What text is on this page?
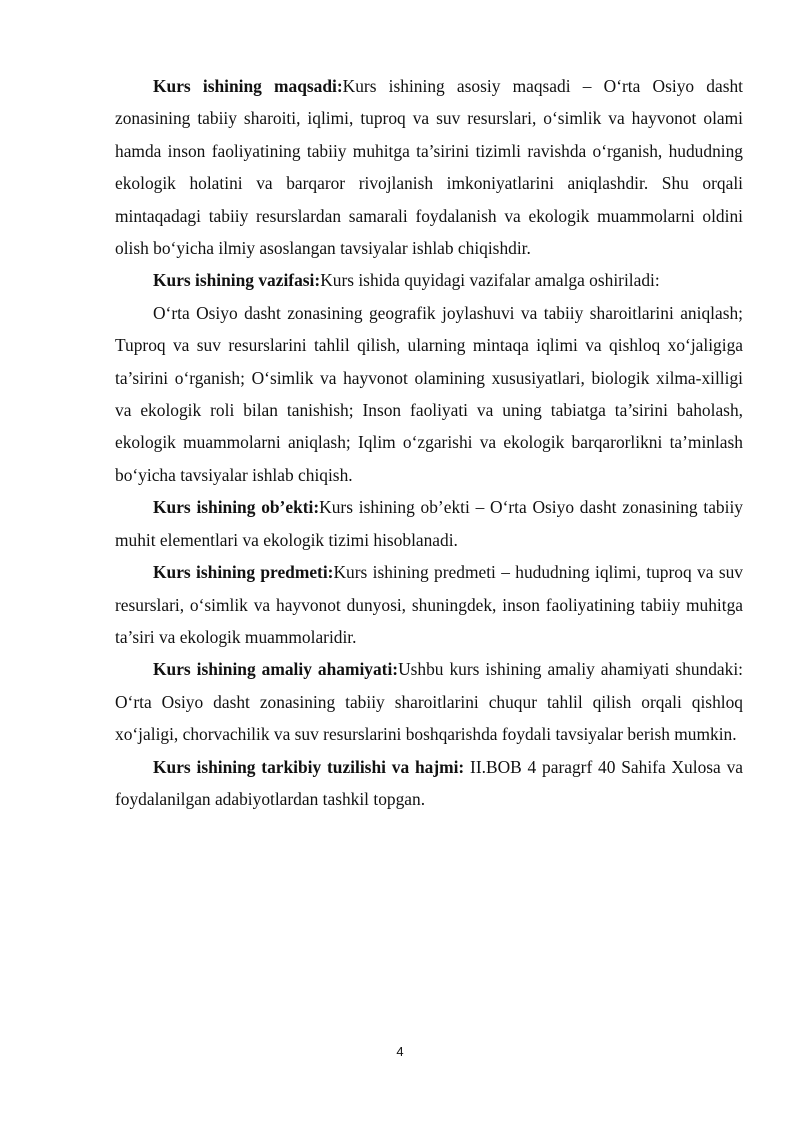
Kurs ishining maqsadi:Kurs ishining asosiy maqsadi – O‘rta Osiyo dasht zonasining tabiiy sharoiti, iqlimi, tuproq va suv resurslari, o‘simlik va hayvonot olami hamda inson faoliyatining tabiiy muhitga ta’sirini tizimli ravishda o‘rganish, hududning ekologik holatini va barqaror rivojlanish imkoniyatlarini aniqlashdir. Shu orqali mintaqadagi tabiiy resurslardan samarali foydalanish va ekologik muammolarni oldini olish bo‘yicha ilmiy asoslangan tavsiyalar ishlab chiqishdir.

Kurs ishining vazifasi:Kurs ishida quyidagi vazifalar amalga oshiriladi:

O‘rta Osiyo dasht zonasining geografik joylashuvi va tabiiy sharoitlarini aniqlash; Tuproq va suv resurslarini tahlil qilish, ularning mintaqa iqlimi va qishloq xo‘jaligiga ta’sirini o‘rganish; O‘simlik va hayvonot olamining xususiyatlari, biologik xilma-xilligi va ekologik roli bilan tanishish; Inson faoliyati va uning tabiatga ta’sirini baholash, ekologik muammolarni aniqlash; Iqlim o‘zgarishi va ekologik barqarorlikni ta’minlash bo‘yicha tavsiyalar ishlab chiqish.

Kurs ishining ob’ekti:Kurs ishining ob’ekti – O‘rta Osiyo dasht zonasining tabiiy muhit elementlari va ekologik tizimi hisoblanadi.

Kurs ishining predmeti:Kurs ishining predmeti – hududning iqlimi, tuproq va suv resurslari, o‘simlik va hayvonot dunyosi, shuningdek, inson faoliyatining tabiiy muhitga ta’siri va ekologik muammolaridir.

Kurs ishining amaliy ahamiyati:Ushbu kurs ishining amaliy ahamiyati shundaki: O‘rta Osiyo dasht zonasining tabiiy sharoitlarini chuqur tahlil qilish orqali qishloq xo‘jaligi, chorvachilik va suv resurslarini boshqarishda foydali tavsiyalar berish mumkin.

Kurs ishining tarkibiy tuzilishi va hajmi: II.BOB 4 paragrf 40 Sahifa Xulosa va foydalanilgan adabiyotlardan tashkil topgan.

4
